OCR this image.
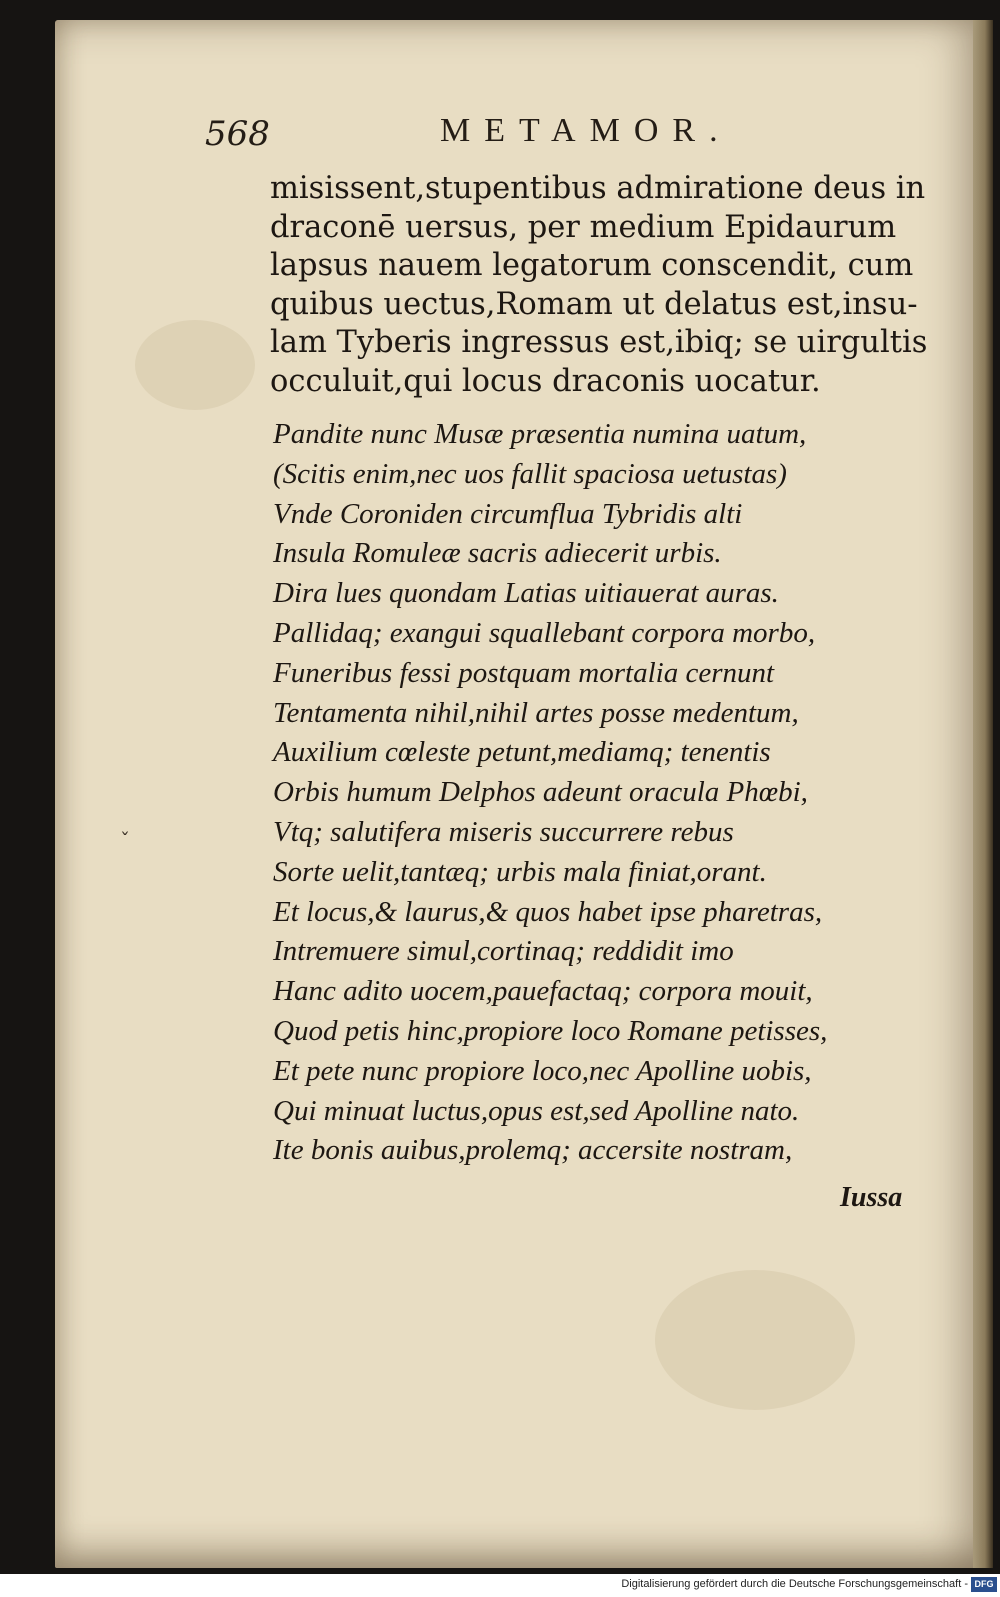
568	METAMOR.
misissent,stupentibus admiratione deus in
draconē uersus, per medium Epidaurum
lapsus nauem legatorum conscendit, cum
quibus uectus,Romam ut delatus est,insu-
lam Tyberis ingressus est,ibiq; se uirgultis
occuluit,qui locus draconis uocatur.
Pandite nunc Musæ præsentia numina uatum,
(Scitis enim,nec uos fallit spaciosa uetustas)
Vnde Coroniden circumflua Tybridis alti
Insula Romuleæ sacris adiecerit urbis.
Dira lues quondam Latias uitiauerat auras.
Pallidaq; exangui squallebant corpora morbo,
Funeribus fessi postquam mortalia cernunt
Tentamenta nihil,nihil artes posse medentum,
Auxilium cœleste petunt,mediamq; tenentis
Orbis humum Delphos adeunt oracula Phœbi,
Vtq; salutifera miseris succurrere rebus
Sorte uelit,tantæq; urbis mala finiat,orant.
Et locus,& laurus,& quos habet ipse pharetras,
Intremuere simul,cortinaq; reddidit imo
Hanc adito uocem,pauefactaq; corpora mouit,
Quod petis hinc,propiore loco Romane petisses,
Et pete nunc propiore loco,nec Apolline uobis,
Qui minuat luctus,opus est,sed Apolline nato.
Ite bonis auibus,prolemq; accersite nostram,
Iussa
ˇ
Digitalisierung gefördert durch die Deutsche Forschungsgemeinschaft - DFG
